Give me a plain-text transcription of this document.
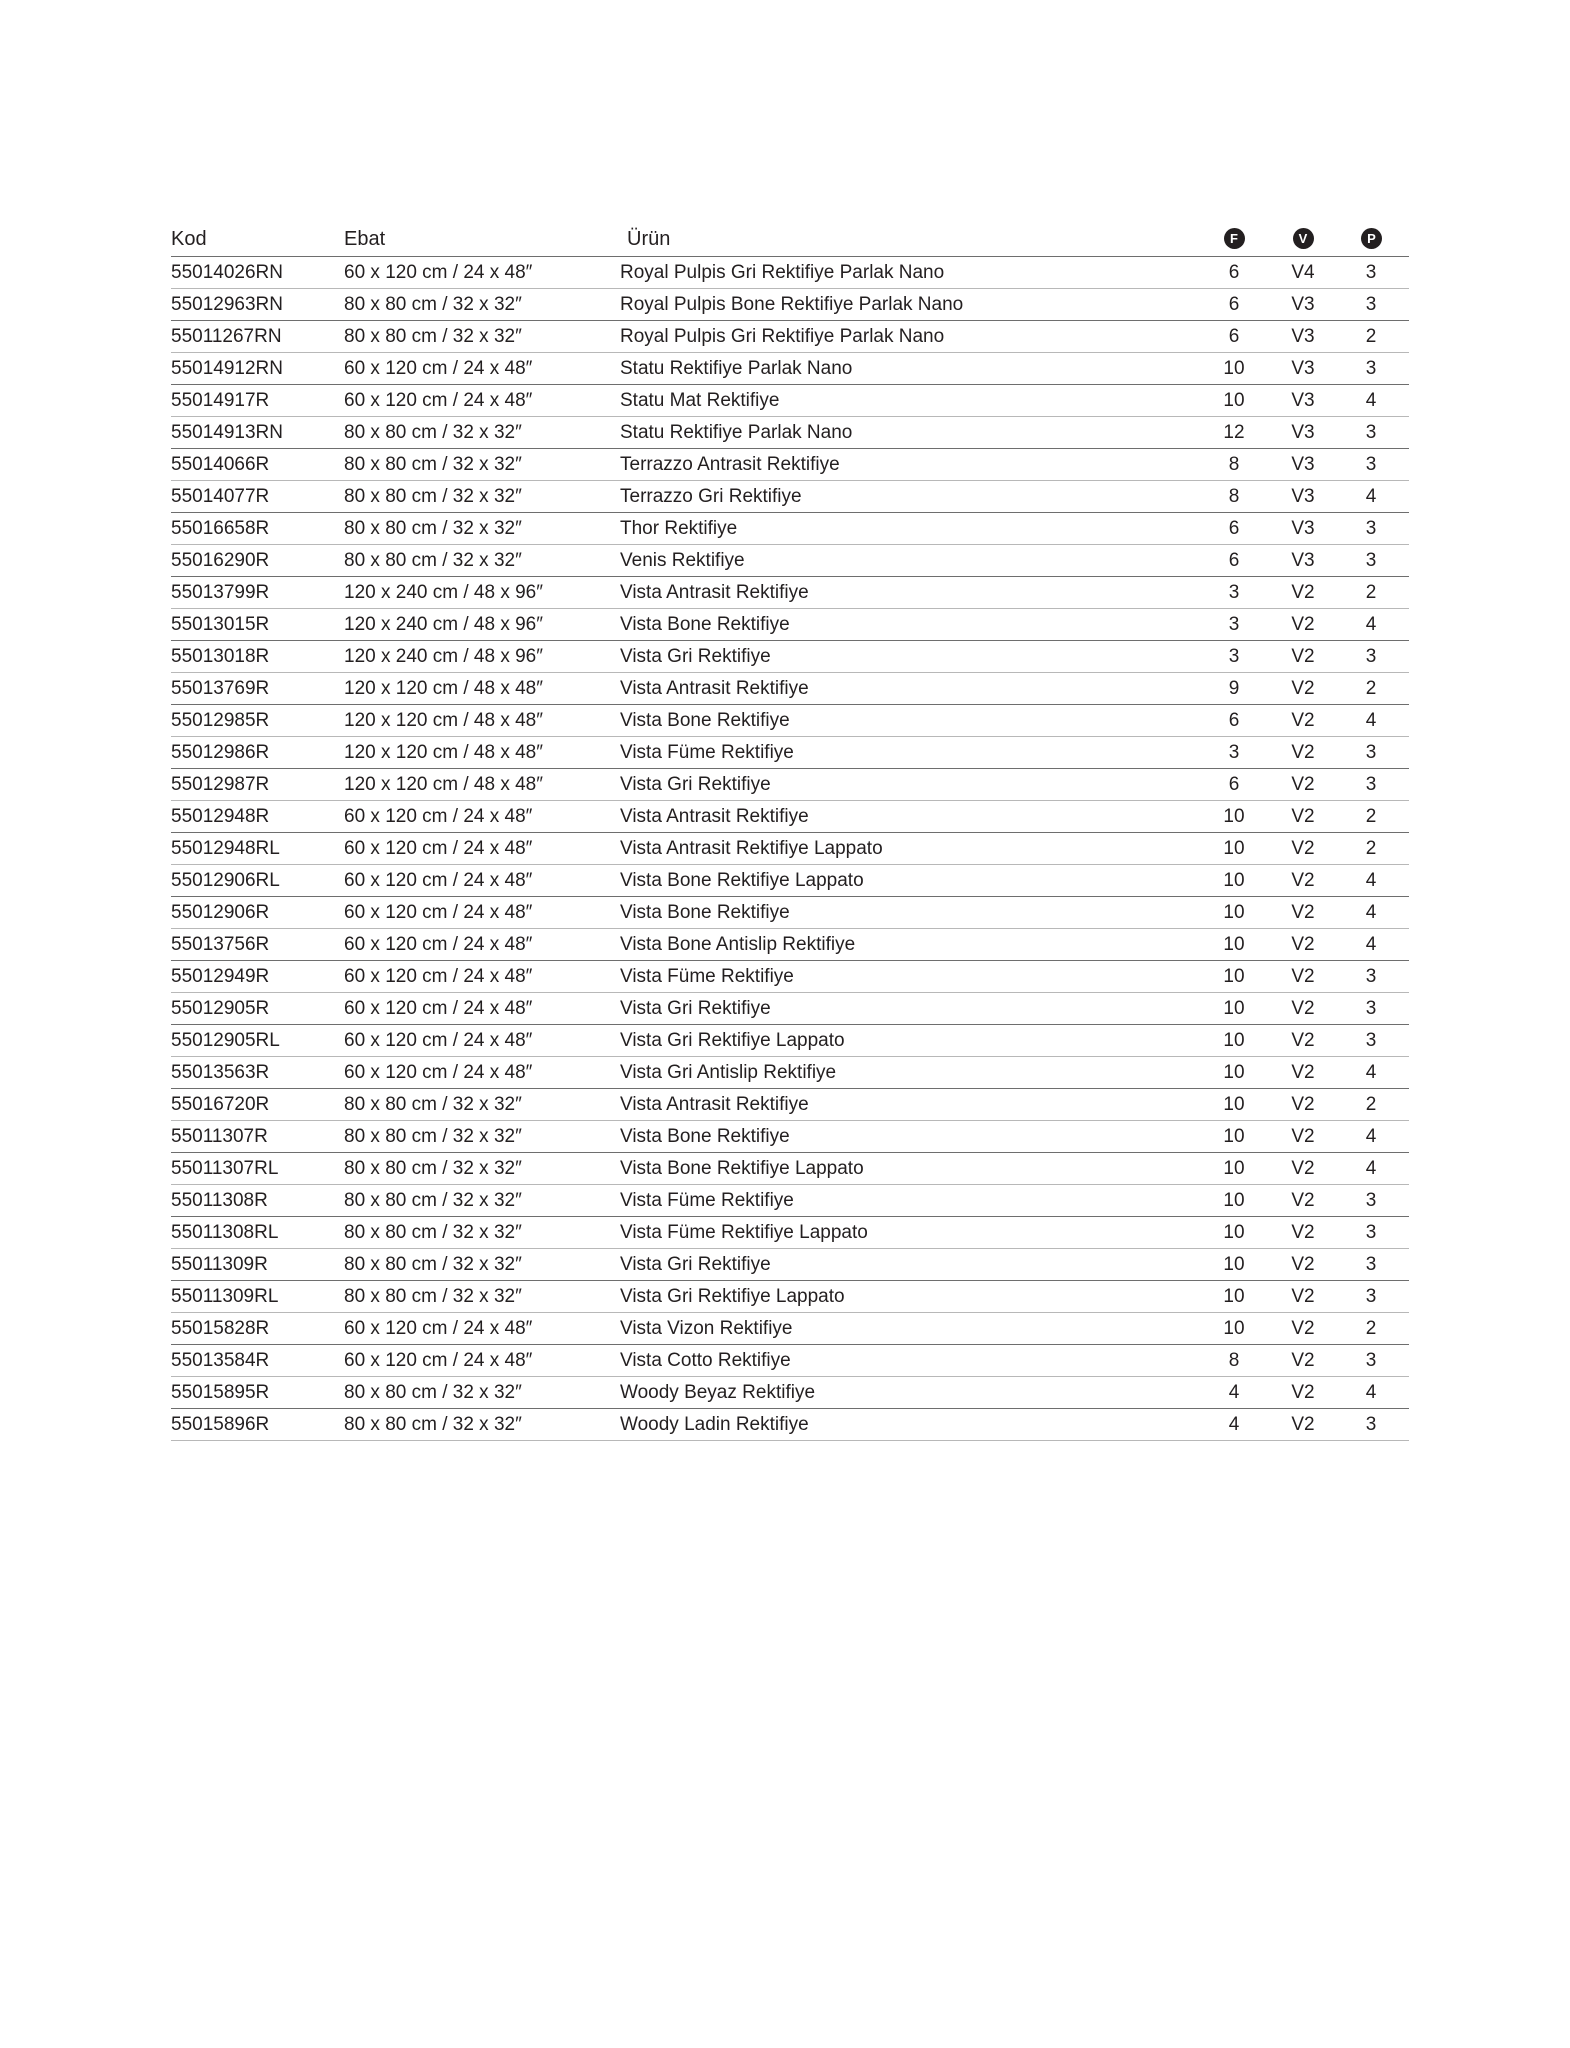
Kod	Ebat	Ürün	F	V	P
55014026RN	60 x 120 cm / 24 x 48″	Royal Pulpis Gri Rektifiye Parlak Nano	6	V4	3
55012963RN	80 x 80 cm / 32 x 32″	Royal Pulpis Bone Rektifiye Parlak Nano	6	V3	3
55011267RN	80 x 80 cm / 32 x 32″	Royal Pulpis Gri Rektifiye Parlak Nano	6	V3	2
55014912RN	60 x 120 cm / 24 x 48″	Statu Rektifiye Parlak Nano	10 V3	3
55014917R	60 x 120 cm / 24 x 48″	Statu Mat Rektifiye	10 V3	4
55014913RN	80 x 80 cm / 32 x 32″	Statu Rektifiye Parlak Nano	12 V3	3
55014066R	80 x 80 cm / 32 x 32″	Terrazzo Antrasit Rektifiye	8	V3	3
55014077R	80 x 80 cm / 32 x 32″	Terrazzo Gri Rektifiye	8	V3	4
55016658R	80 x 80 cm / 32 x 32″	Thor Rektifiye	6	V3	3
55016290R	80 x 80 cm / 32 x 32″	Venis Rektifiye	6	V3	3
55013799R	120 x 240 cm / 48 x 96″	Vista Antrasit Rektifiye	3	V2	2
55013015R	120 x 240 cm / 48 x 96″	Vista Bone Rektifiye	3	V2	4
55013018R	120 x 240 cm / 48 x 96″	Vista Gri Rektifiye	3	V2	3
55013769R	120 x 120 cm / 48 x 48″	Vista Antrasit Rektifiye	9	V2	2
55012985R	120 x 120 cm / 48 x 48″	Vista Bone Rektifiye	6	V2	4
55012986R	120 x 120 cm / 48 x 48″	Vista Füme Rektifiye	3	V2	3
55012987R	120 x 120 cm / 48 x 48″	Vista Gri Rektifiye	6	V2	3
55012948R	60 x 120 cm / 24 x 48″	Vista Antrasit Rektifiye	10 V2	2
55012948RL	60 x 120 cm / 24 x 48″	Vista Antrasit Rektifiye Lappato	10 V2	2
55012906RL	60 x 120 cm / 24 x 48″	Vista Bone Rektifiye Lappato	10 V2	4
55012906R	60 x 120 cm / 24 x 48″	Vista Bone Rektifiye	10 V2	4
55013756R	60 x 120 cm / 24 x 48″	Vista Bone Antislip Rektifiye	10 V2	4
55012949R	60 x 120 cm / 24 x 48″	Vista Füme Rektifiye	10 V2	3
55012905R	60 x 120 cm / 24 x 48″	Vista Gri Rektifiye	10 V2	3
55012905RL	60 x 120 cm / 24 x 48″	Vista Gri Rektifiye Lappato	10 V2	3
55013563R	60 x 120 cm / 24 x 48″	Vista Gri Antislip Rektifiye	10 V2	4
55016720R	80 x 80 cm / 32 x 32″	Vista Antrasit Rektifiye	10 V2	2
55011307R	80 x 80 cm / 32 x 32″	Vista Bone Rektifiye	10 V2	4
55011307RL	80 x 80 cm / 32 x 32″	Vista Bone Rektifiye Lappato	10 V2	4
55011308R	80 x 80 cm / 32 x 32″	Vista Füme Rektifiye	10 V2	3
55011308RL	80 x 80 cm / 32 x 32″	Vista Füme Rektifiye Lappato	10 V2	3
55011309R	80 x 80 cm / 32 x 32″	Vista Gri Rektifiye	10 V2	3
55011309RL	80 x 80 cm / 32 x 32″	Vista Gri Rektifiye Lappato	10 V2	3
55015828R	60 x 120 cm / 24 x 48″	Vista Vizon Rektifiye	10 V2	2
55013584R	60 x 120 cm / 24 x 48″	Vista Cotto Rektifiye	8	V2	3
55015895R	80 x 80 cm / 32 x 32″	Woody Beyaz Rektifiye	4	V2	4
55015896R	80 x 80 cm / 32 x 32″	Woody Ladin Rektifiye	4	V2	3
